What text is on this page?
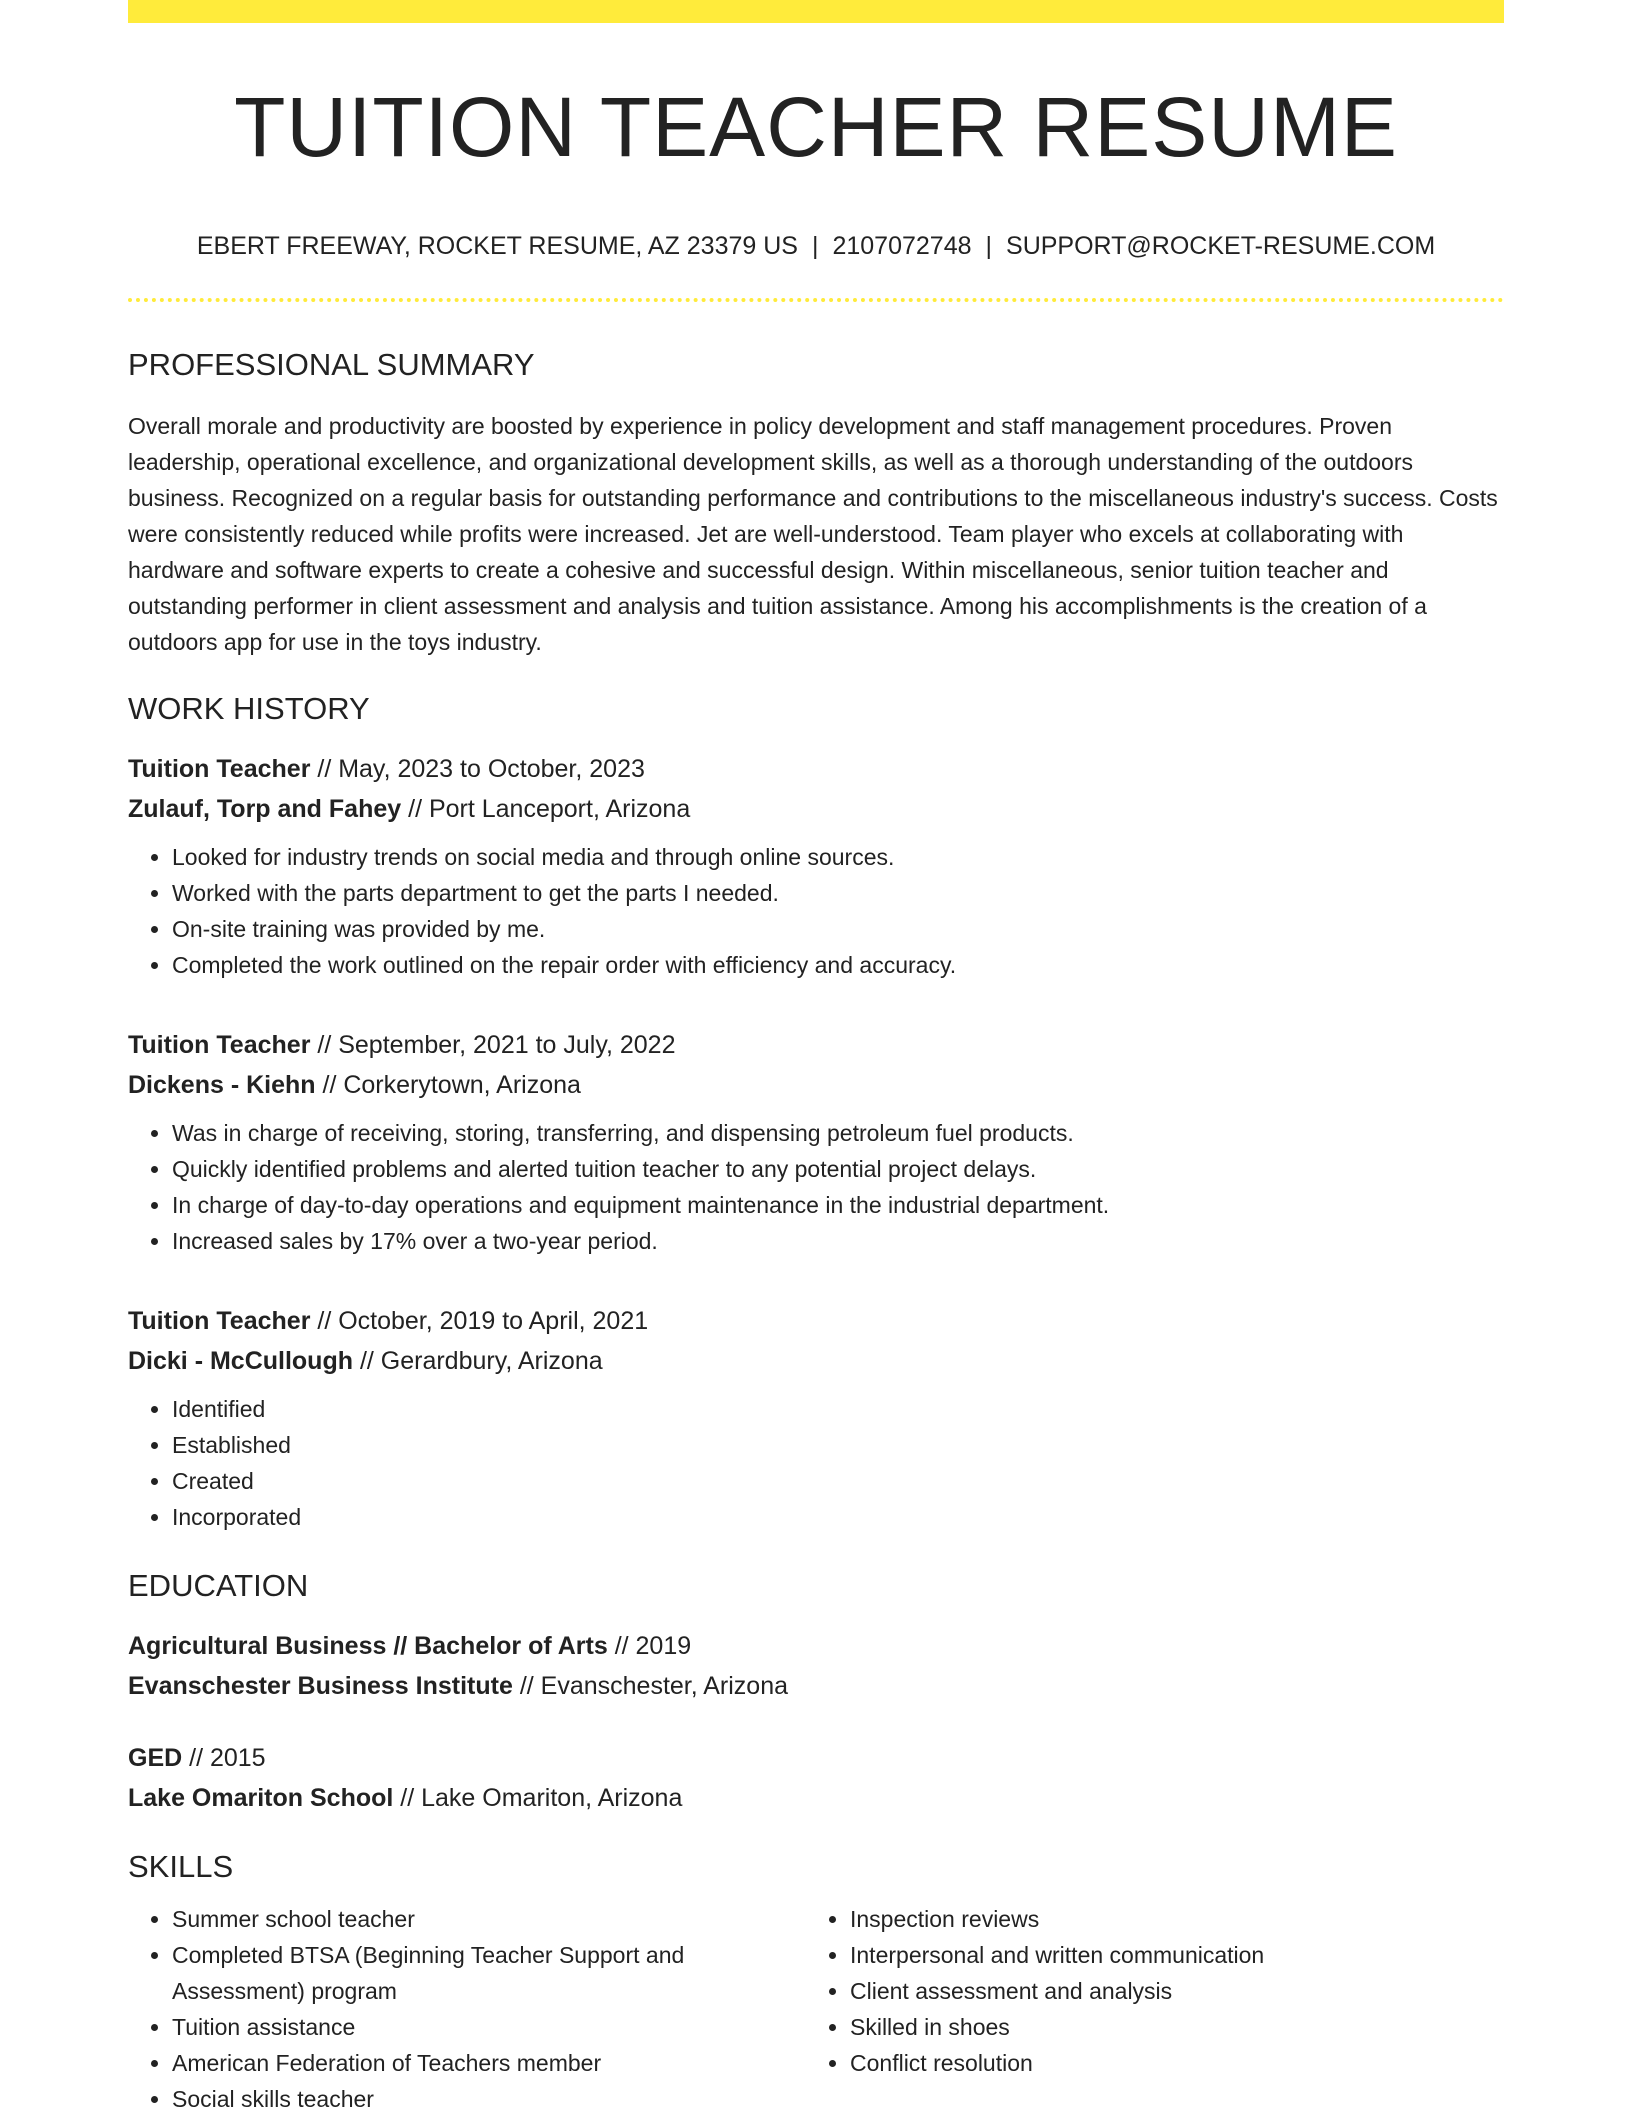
TUITION TEACHER RESUME
EBERT FREEWAY, ROCKET RESUME, AZ 23379 US | 2107072748 | SUPPORT@ROCKET-RESUME.COM
PROFESSIONAL SUMMARY

Overall morale and productivity are boosted by experience in policy development and staff management procedures. Proven leadership, operational excellence, and organizational development skills, as well as a thorough understanding of the outdoors business. Recognized on a regular basis for outstanding performance and contributions to the miscellaneous industry's success. Costs were consistently reduced while profits were increased. Jet are well-understood. Team player who excels at collaborating with hardware and software experts to create a cohesive and successful design. Within miscellaneous, senior tuition teacher and outstanding performer in client assessment and analysis and tuition assistance. Among his accomplishments is the creation of a outdoors app for use in the toys industry.

WORK HISTORY
Tuition Teacher // May, 2023 to October, 2023
Zulauf, Torp and Fahey // Port Lanceport, Arizona
• Looked for industry trends on social media and through online sources.
• Worked with the parts department to get the parts I needed.
• On-site training was provided by me.
• Completed the work outlined on the repair order with efficiency and accuracy.
Tuition Teacher // September, 2021 to July, 2022
Dickens - Kiehn // Corkerytown, Arizona
• Was in charge of receiving, storing, transferring, and dispensing petroleum fuel products.
• Quickly identified problems and alerted tuition teacher to any potential project delays.
• In charge of day-to-day operations and equipment maintenance in the industrial department.
• Increased sales by 17% over a two-year period.
Tuition Teacher // October, 2019 to April, 2021
Dicki - McCullough // Gerardbury, Arizona
• Identified
• Established
• Created
• Incorporated
EDUCATION
Agricultural Business // Bachelor of Arts // 2019
Evanschester Business Institute // Evanschester, Arizona
GED // 2015
Lake Omariton School // Lake Omariton, Arizona
SKILLS
• Summer school teacher
• Completed BTSA (Beginning Teacher Support and Assessment) program
• Tuition assistance
• American Federation of Teachers member
• Social skills teacher
• Inspection reviews
• Interpersonal and written communication
• Client assessment and analysis
• Skilled in shoes
• Conflict resolution
